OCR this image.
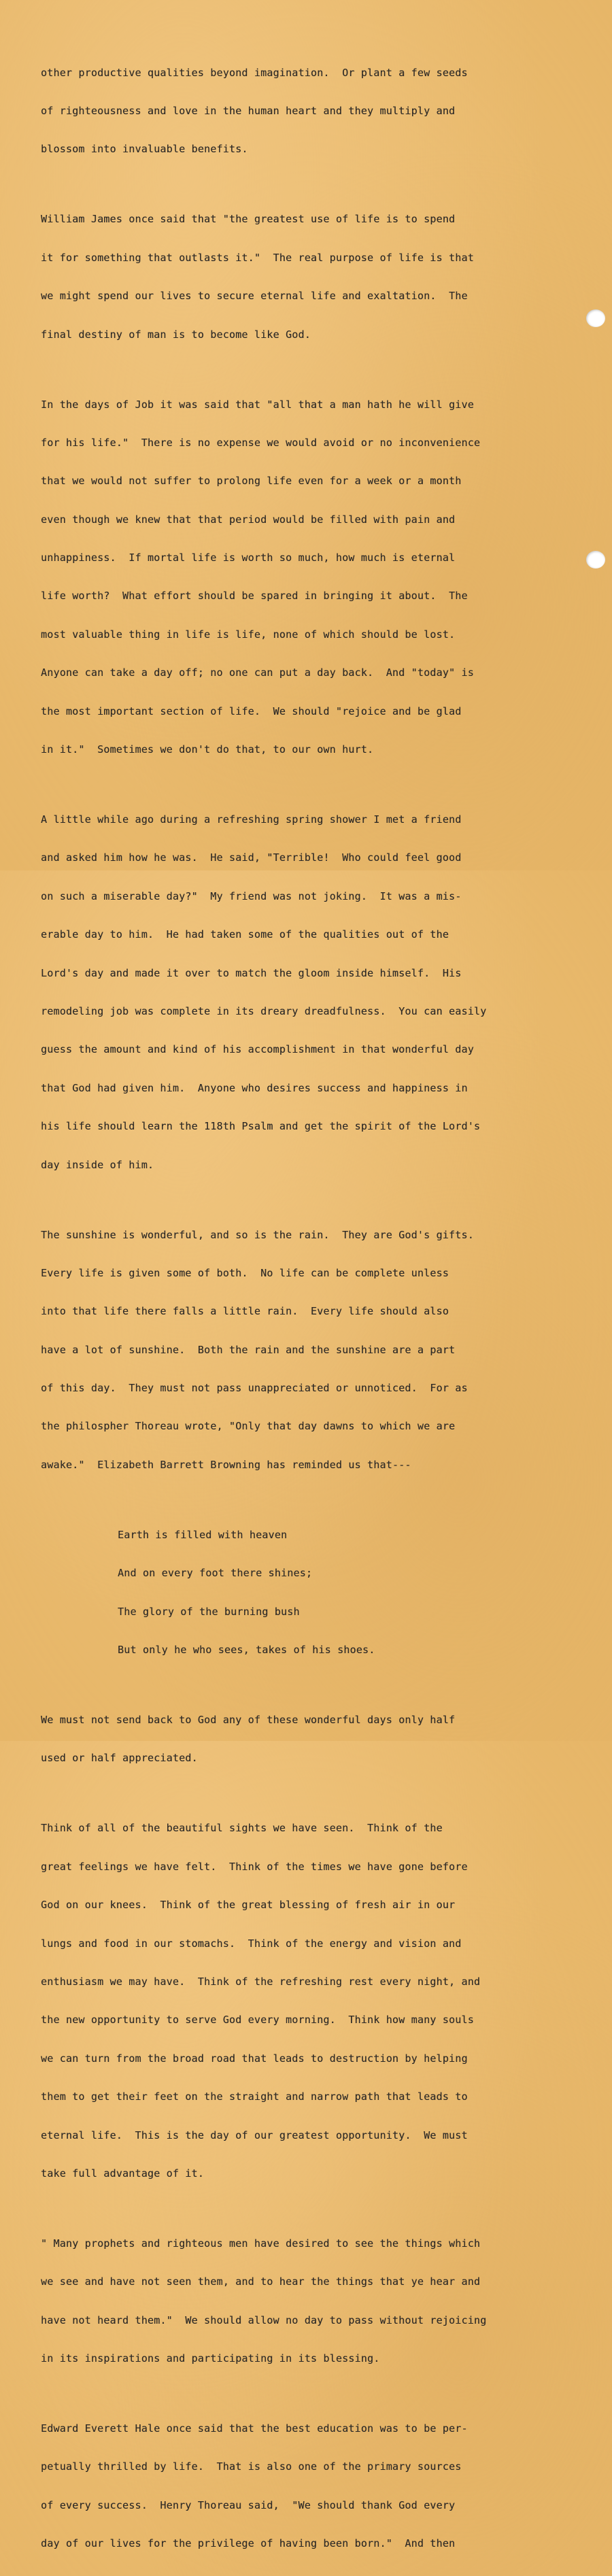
other productive qualities beyond imagination.  Or plant a few seeds

of righteousness and love in the human heart and they multiply and

blossom into invaluable benefits.

William James once said that "the greatest use of life is to spend

it for something that outlasts it."  The real purpose of life is that

we might spend our lives to secure eternal life and exaltation.  The

final destiny of man is to become like God.

In the days of Job it was said that "all that a man hath he will give

for his life."  There is no expense we would avoid or no inconvenience

that we would not suffer to prolong life even for a week or a month

even though we knew that that period would be filled with pain and

unhappiness.  If mortal life is worth so much, how much is eternal

life worth?  What effort should be spared in bringing it about.  The

most valuable thing in life is life, none of which should be lost.

Anyone can take a day off; no one can put a day back.  And "today" is

the most important section of life.  We should "rejoice and be glad

in it."  Sometimes we don't do that, to our own hurt.

A little while ago during a refreshing spring shower I met a friend

and asked him how he was.  He said, "Terrible!  Who could feel good

on such a miserable day?"  My friend was not joking.  It was a mis-

erable day to him.  He had taken some of the qualities out of the

Lord's day and made it over to match the gloom inside himself.  His

remodeling job was complete in its dreary dreadfulness.  You can easily

guess the amount and kind of his accomplishment in that wonderful day

that God had given him.  Anyone who desires success and happiness in

his life should learn the 118th Psalm and get the spirit of the Lord's

day inside of him.

The sunshine is wonderful, and so is the rain.  They are God's gifts.

Every life is given some of both.  No life can be complete unless

into that life there falls a little rain.  Every life should also

have a lot of sunshine.  Both the rain and the sunshine are a part

of this day.  They must not pass unappreciated or unnoticed.  For as

the philospher Thoreau wrote, "Only that day dawns to which we are

awake."  Elizabeth Barrett Browning has reminded us that---

Earth is filled with heaven

And on every foot there shines;

The glory of the burning bush

But only he who sees, takes of his shoes.

We must not send back to God any of these wonderful days only half

used or half appreciated.

Think of all of the beautiful sights we have seen.  Think of the

great feelings we have felt.  Think of the times we have gone before

God on our knees.  Think of the great blessing of fresh air in our

lungs and food in our stomachs.  Think of the energy and vision and

enthusiasm we may have.  Think of the refreshing rest every night, and

the new opportunity to serve God every morning.  Think how many souls

we can turn from the broad road that leads to destruction by helping

them to get their feet on the straight and narrow path that leads to

eternal life.  This is the day of our greatest opportunity.  We must

take full advantage of it.

" Many prophets and righteous men have desired to see the things which

we see and have not seen them, and to hear the things that ye hear and

have not heard them."  We should allow no day to pass without rejoicing

in its inspirations and participating in its blessing.

Edward Everett Hale once said that the best education was to be per-

petually thrilled by life.  That is also one of the primary sources

of every success.  Henry Thoreau said,  "We should thank God every

day of our lives for the privilege of having been born."  And then
